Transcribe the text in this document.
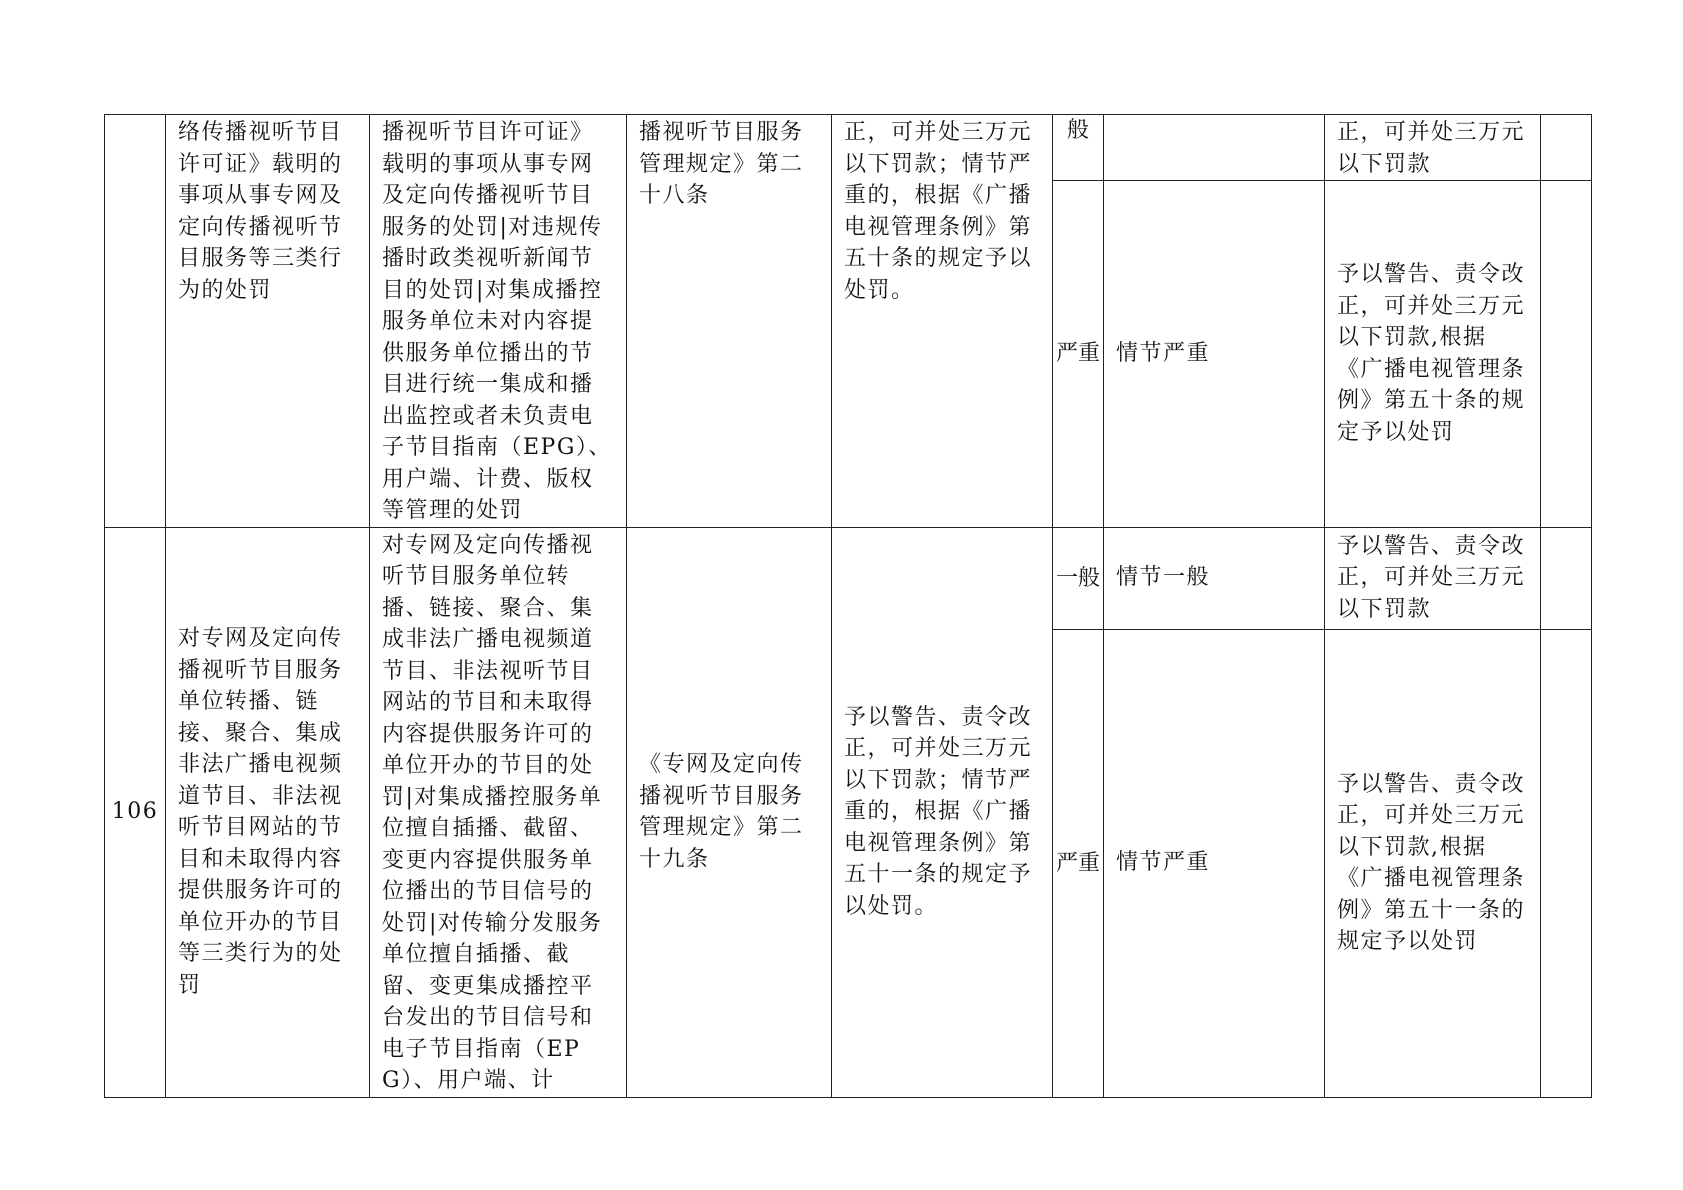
	络传播视听节目许可证》载明的事项从事专网及定向传播视听节目服务等三类行为的处罚	播视听节目许可证》载明的事项从事专网及定向传播视听节目服务的处罚|对违规传播时政类视听新闻节目的处罚|对集成播控服务单位未对内容提供服务单位播出的节目进行统一集成和播出监控或者未负责电子节目指南（EPG）、用户端、计费、版权等管理的处罚	播视听节目服务管理规定》第二十八条	正，可并处三万元以下罚款；情节严重的，根据《广播电视管理条例》第五十条的规定予以处罚。	般		正，可并处三万元以下罚款	
					严重	情节严重	予以警告、责令改正，可并处三万元以下罚款,根据《广播电视管理条例》第五十条的规定予以处罚	
106	对专网及定向传播视听节目服务单位转播、链接、聚合、集成非法广播电视频道节目、非法视听节目网站的节目和未取得内容提供服务许可的单位开办的节目等三类行为的处罚	对专网及定向传播视听节目服务单位转播、链接、聚合、集成非法广播电视频道节目、非法视听节目网站的节目和未取得内容提供服务许可的单位开办的节目的处罚|对集成播控服务单位擅自插播、截留、变更内容提供服务单位播出的节目信号的处罚|对传输分发服务单位擅自插播、截留、变更集成播控平台发出的节目信号和电子节目指南（EPG）、用户端、计	《专网及定向传播视听节目服务管理规定》第二十九条	予以警告、责令改正，可并处三万元以下罚款；情节严重的，根据《广播电视管理条例》第五十一条的规定予以处罚。	一般	情节一般	予以警告、责令改正，可并处三万元以下罚款	
					严重	情节严重	予以警告、责令改正，可并处三万元以下罚款,根据《广播电视管理条例》第五十一条的规定予以处罚	
